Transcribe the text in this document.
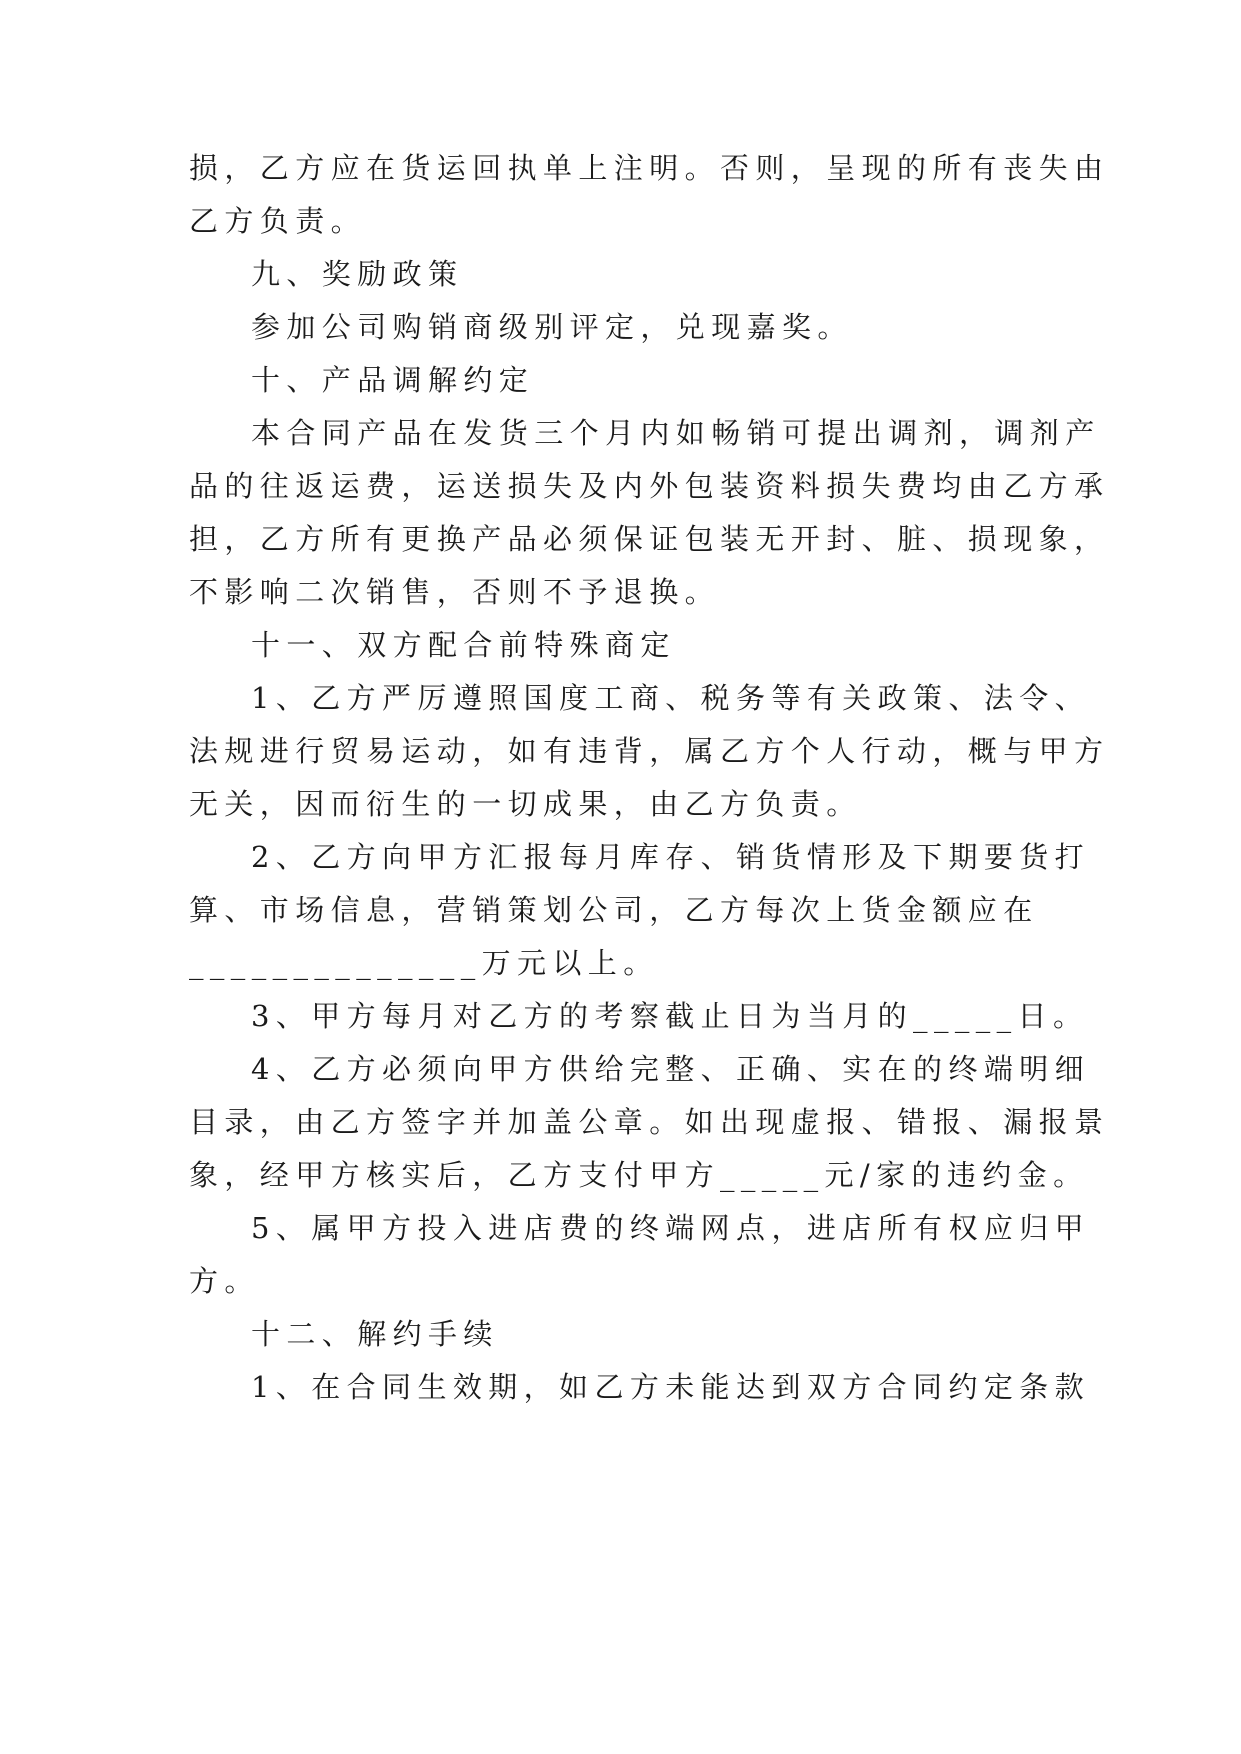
损，乙方应在货运回执单上注明。否则，呈现的所有丧失由
乙方负责。
九、奖励政策
参加公司购销商级别评定，兑现嘉奖。
十、产品调解约定
本合同产品在发货三个月内如畅销可提出调剂，调剂产
品的往返运费，运送损失及内外包装资料损失费均由乙方承
担，乙方所有更换产品必须保证包装无开封、脏、损现象，
不影响二次销售，否则不予退换。
十一、双方配合前特殊商定
1、乙方严厉遵照国度工商、税务等有关政策、法令、
法规进行贸易运动，如有违背，属乙方个人行动，概与甲方
无关，因而衍生的一切成果，由乙方负责。
2、乙方向甲方汇报每月库存、销货情形及下期要货打
算、市场信息，营销策划公司，乙方每次上货金额应在
______________万元以上。
3、甲方每月对乙方的考察截止日为当月的_____日。
4、乙方必须向甲方供给完整、正确、实在的终端明细
目录，由乙方签字并加盖公章。如出现虚报、错报、漏报景
象，经甲方核实后，乙方支付甲方_____元/家的违约金。
5、属甲方投入进店费的终端网点，进店所有权应归甲
方。
十二、解约手续
1、在合同生效期，如乙方未能达到双方合同约定条款
